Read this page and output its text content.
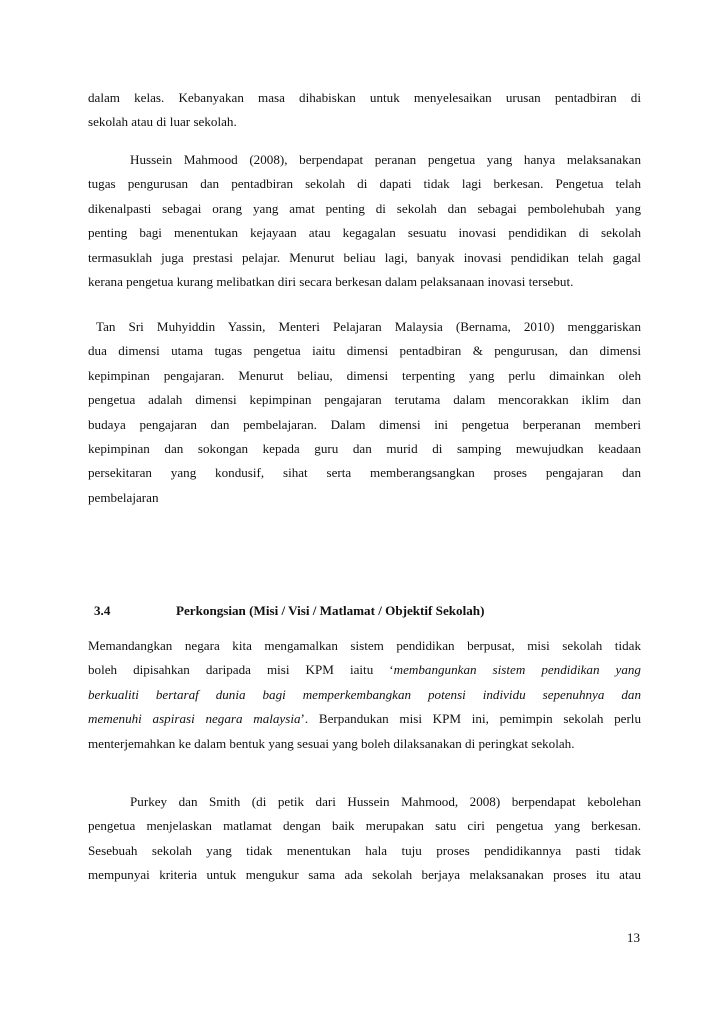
dalam kelas. Kebanyakan masa dihabiskan untuk menyelesaikan urusan pentadbiran di
sekolah atau di luar sekolah.
Hussein Mahmood (2008), berpendapat peranan pengetua yang hanya melaksanakan
tugas pengurusan dan pentadbiran sekolah di dapati tidak lagi berkesan. Pengetua telah
dikenalpasti sebagai orang yang amat penting di sekolah dan sebagai pembolehubah yang
penting bagi menentukan kejayaan atau kegagalan sesuatu inovasi pendidikan di sekolah
termasuklah juga prestasi pelajar. Menurut beliau lagi, banyak inovasi pendidikan telah gagal
kerana pengetua kurang melibatkan diri secara berkesan dalam pelaksanaan inovasi tersebut.
Tan Sri Muhyiddin Yassin, Menteri Pelajaran Malaysia (Bernama, 2010) menggariskan
dua dimensi utama tugas pengetua iaitu dimensi pentadbiran & pengurusan, dan dimensi
kepimpinan pengajaran. Menurut beliau, dimensi terpenting yang perlu dimainkan oleh
pengetua adalah dimensi kepimpinan pengajaran terutama dalam mencorakkan iklim dan
budaya pengajaran dan pembelajaran. Dalam dimensi ini pengetua berperanan memberi
kepimpinan dan sokongan kepada guru dan murid di samping mewujudkan keadaan
persekitaran yang kondusif, sihat serta memberangsangkan proses pengajaran dan
pembelajaran
3.4	Perkongsian (Misi / Visi / Matlamat / Objektif Sekolah)
Memandangkan negara kita mengamalkan sistem pendidikan berpusat, misi sekolah tidak
boleh dipisahkan daripada misi KPM iaitu ‘membangunkan sistem pendidikan yang
berkualiti bertaraf dunia bagi memperkembangkan potensi individu sepenuhnya dan
memenuhi aspirasi negara malaysia’. Berpandukan misi KPM ini, pemimpin sekolah perlu
menterjemahkan ke dalam bentuk yang sesuai yang boleh dilaksanakan di peringkat sekolah.
Purkey dan Smith (di petik dari Hussein Mahmood, 2008) berpendapat kebolehan
pengetua menjelaskan matlamat dengan baik merupakan satu ciri pengetua yang berkesan.
Sesebuah sekolah yang tidak menentukan hala tuju proses pendidikannya pasti tidak
mempunyai kriteria untuk mengukur sama ada sekolah berjaya melaksanakan proses itu atau
13
